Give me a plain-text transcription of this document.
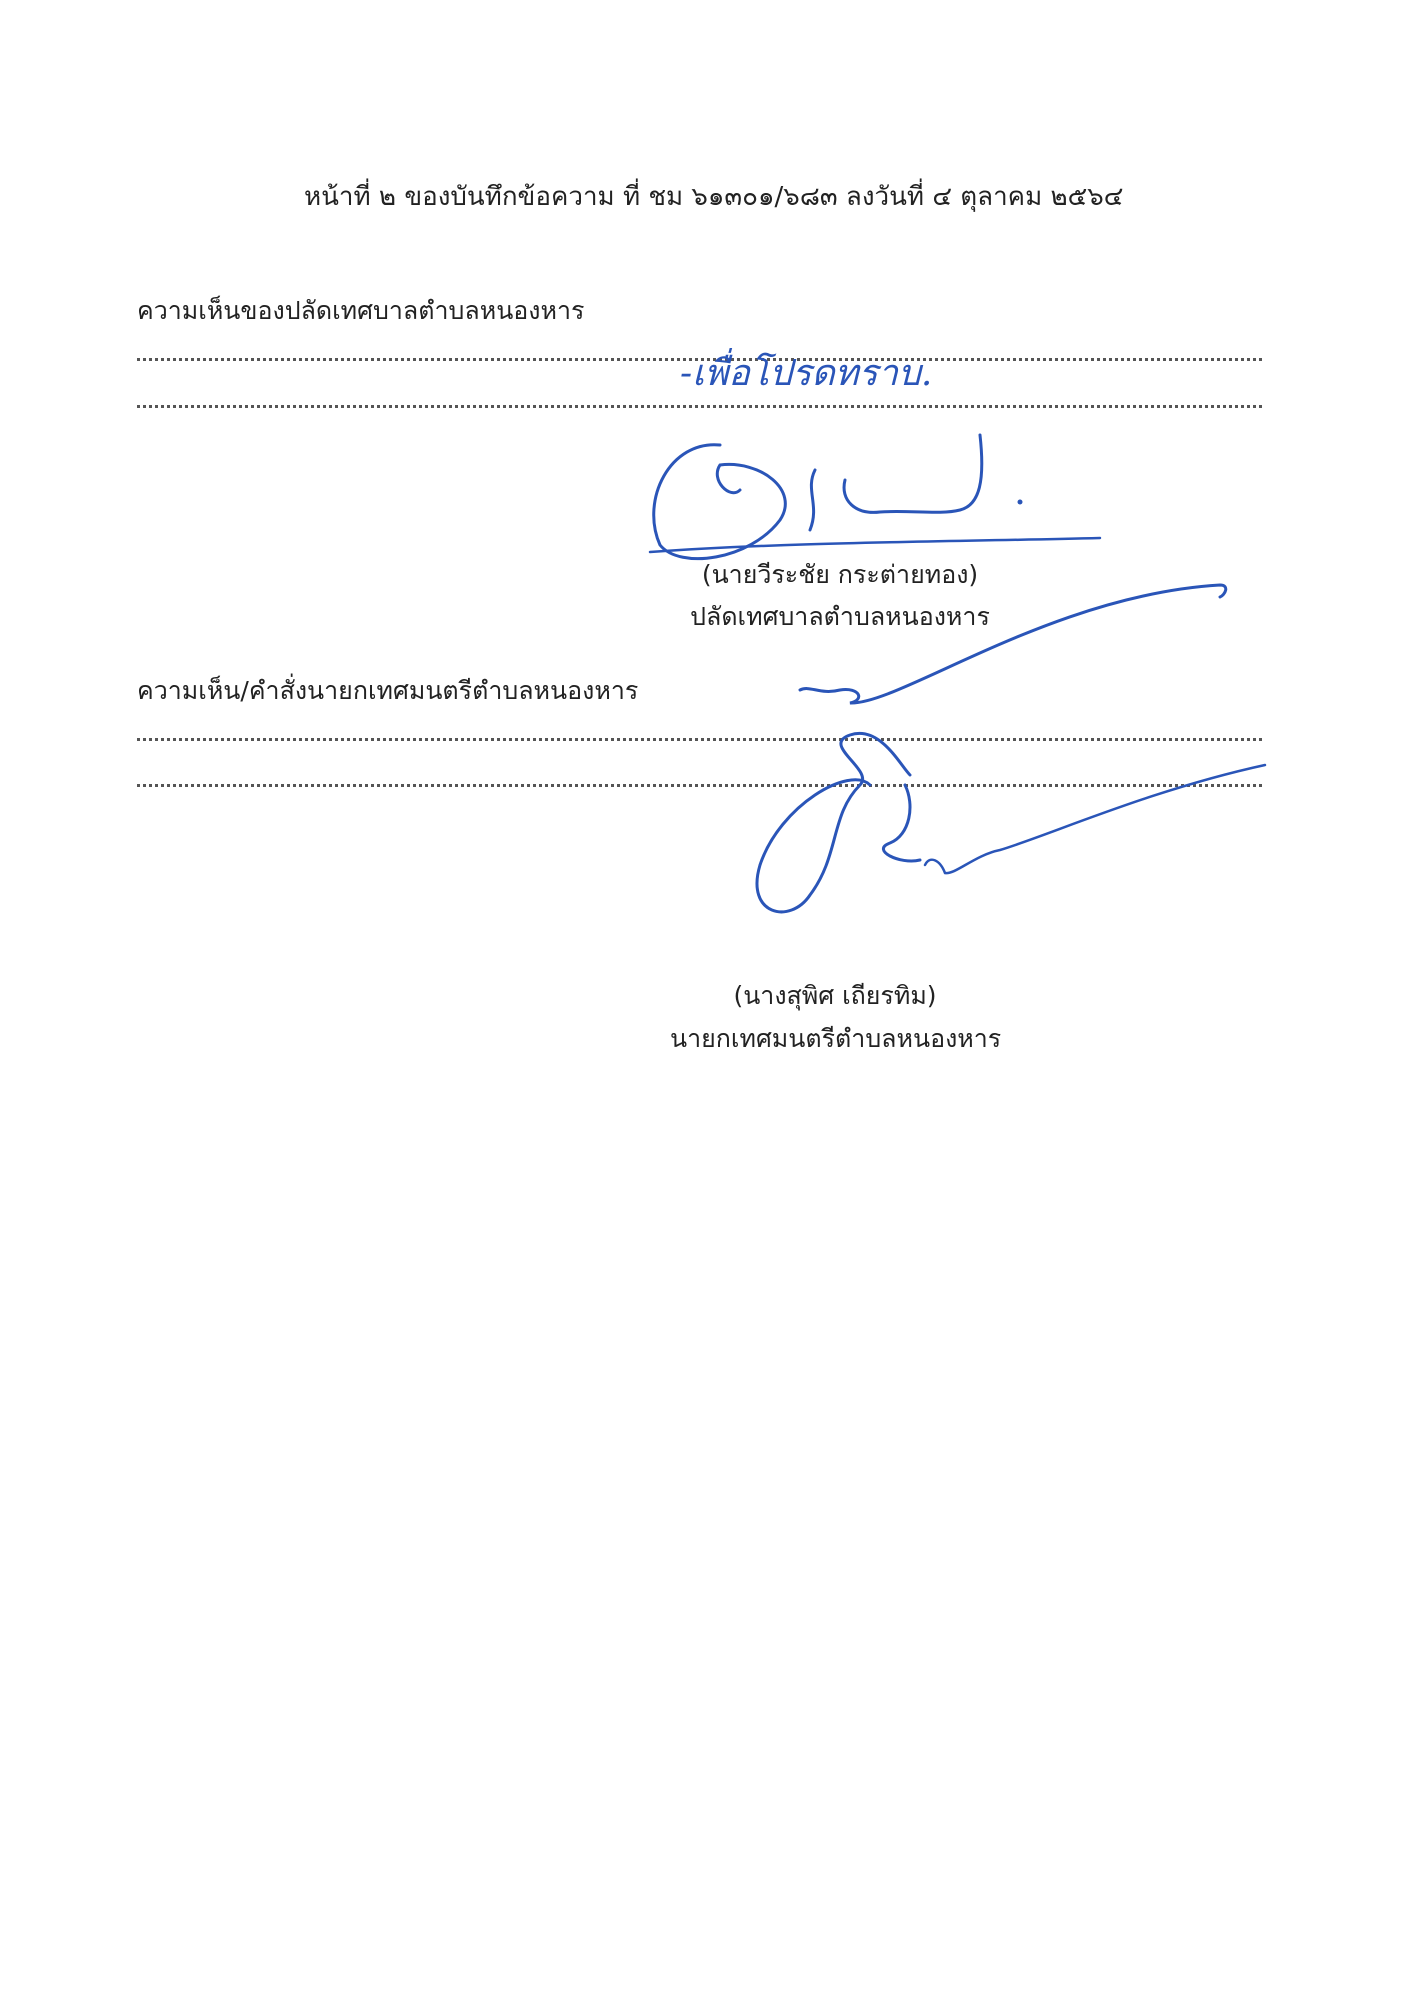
หน้าที่ ๒ ของบันทึกข้อความ ที่ ชม ๖๑๓๐๑/๖๘๓ ลงวันที่ ๔ ตุลาคม ๒๕๖๔
ความเห็นของปลัดเทศบาลตำบลหนองหาร
-เพื่อโปรดทราบ.
(นายวีระชัย กระต่ายทอง)
ปลัดเทศบาลตำบลหนองหาร
ความเห็น/คำสั่งนายกเทศมนตรีตำบลหนองหาร
(นางสุพิศ เถียรทิม)
นายกเทศมนตรีตำบลหนองหาร
